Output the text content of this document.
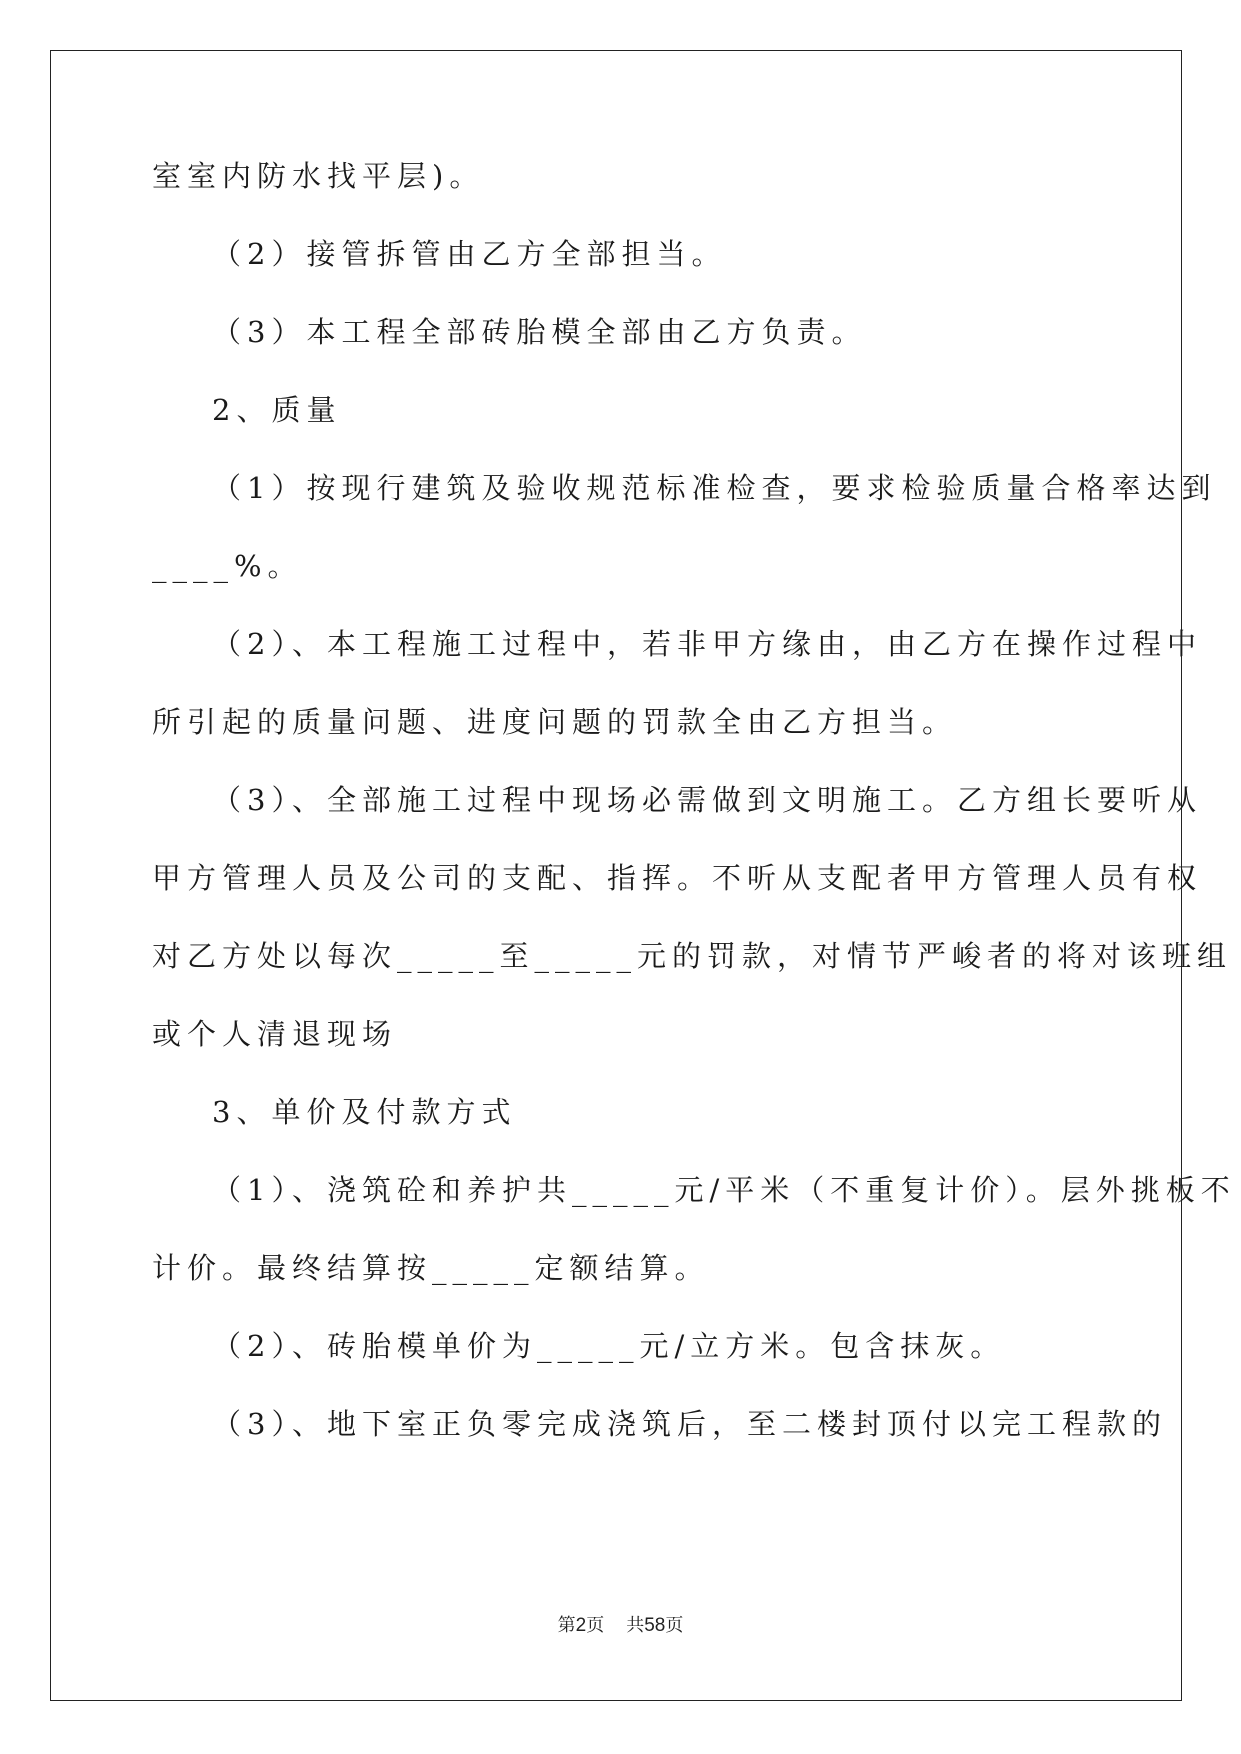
室室内防水找平层)。
（2）接管拆管由乙方全部担当。
（3）本工程全部砖胎模全部由乙方负责。
2、质量
（1）按现行建筑及验收规范标准检查，要求检验质量合格率达到
____%。
（2）、本工程施工过程中，若非甲方缘由，由乙方在操作过程中
所引起的质量问题、进度问题的罚款全由乙方担当。
（3）、全部施工过程中现场必需做到文明施工。乙方组长要听从
甲方管理人员及公司的支配、指挥。不听从支配者甲方管理人员有权
对乙方处以每次_____至_____元的罚款，对情节严峻者的将对该班组
或个人清退现场
3、单价及付款方式
（1）、浇筑砼和养护共_____元/平米（不重复计价）。层外挑板不
计价。最终结算按_____定额结算。
（2）、砖胎模单价为_____元/立方米。包含抹灰。
（3）、地下室正负零完成浇筑后，至二楼封顶付以完工程款的
第2页 共58页
